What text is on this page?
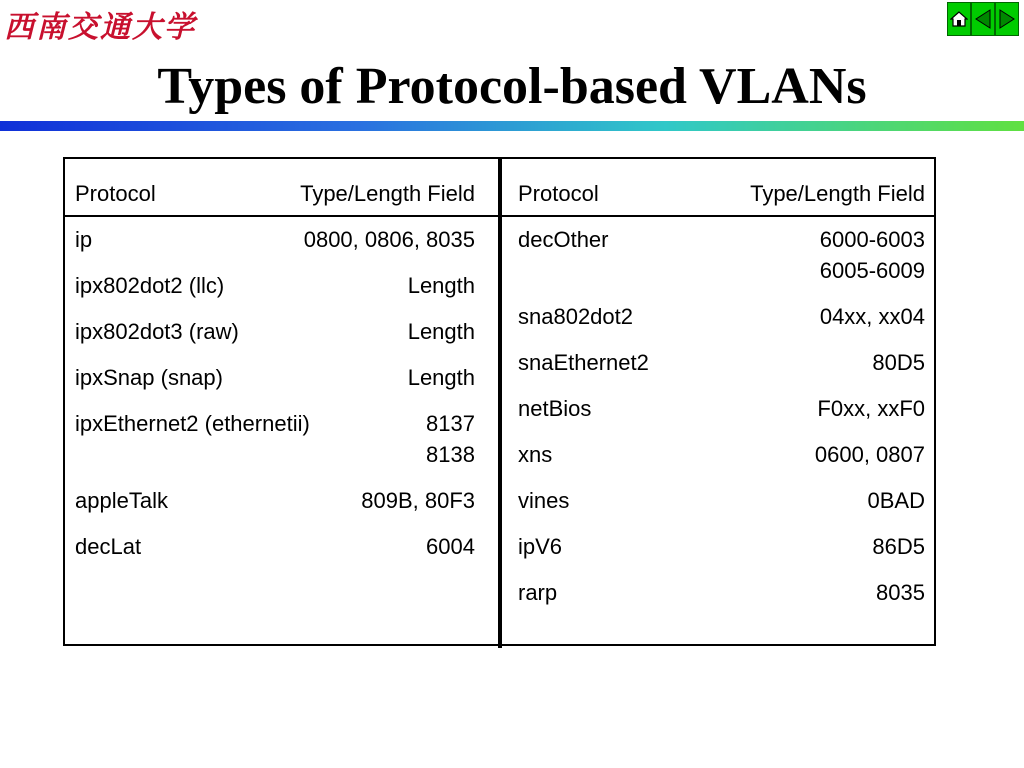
西南交通大学
Types of Protocol-based VLANs
Protocol	Type/Length Field
ip	0800, 0806, 8035
ipx802dot2 (llc)	Length
ipx802dot3 (raw)	Length
ipxSnap (snap)	Length
ipxEthernet2 (ethernetii)	8137
8138
appleTalk	809B, 80F3
decLat	6004
Protocol	Type/Length Field
decOther	6000-6003
6005-6009
sna802dot2	04xx, xx04
snaEthernet2	80D5
netBios	F0xx, xxF0
xns	0600, 0807
vines	0BAD
ipV6	86D5
rarp	8035
